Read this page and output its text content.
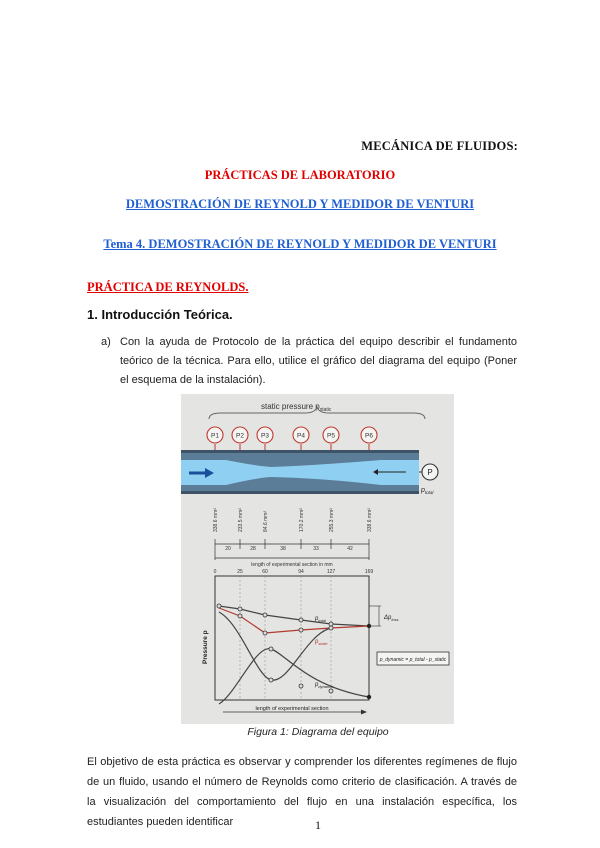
MECÁNICA DE FLUIDOS:
PRÁCTICAS DE LABORATORIO
DEMOSTRACIÓN DE REYNOLD Y MEDIDOR DE VENTURI
Tema 4. DEMOSTRACIÓN DE REYNOLD Y MEDIDOR DE VENTURI
PRÁCTICA DE REYNOLDS.
1. Introducción Teórica.
a) Con la ayuda de Protocolo de la práctica del equipo describir el fundamento teórico de la técnica. Para ello, utilice el gráfico del diagrama del equipo (Poner el esquema de la instalación).
static pressure $p_{static}$
P1	P2	P3	P4	P5	P6
P
$p_{total}$
338.6 mm²	233.5 mm²	84.6 mm²	170.2 mm²	255.3 mm²	338.6 mm²
20	28	38	33	42
length of experimental section in mm
0	25	60	94	127	169
Pressure p
$\Delta p_{loss}$
$p_{total}$
$p_{static}$
$p_{dynamic}$
p_dynamic = p_total - p_static
length of experimental section
Figura 1: Diagrama del equipo
El objetivo de esta práctica es observar y comprender los diferentes regímenes de flujo de un fluido, usando el número de Reynolds como criterio de clasificación. A través de la visualización del comportamiento del flujo en una instalación específica, los estudiantes pueden identificar	1
